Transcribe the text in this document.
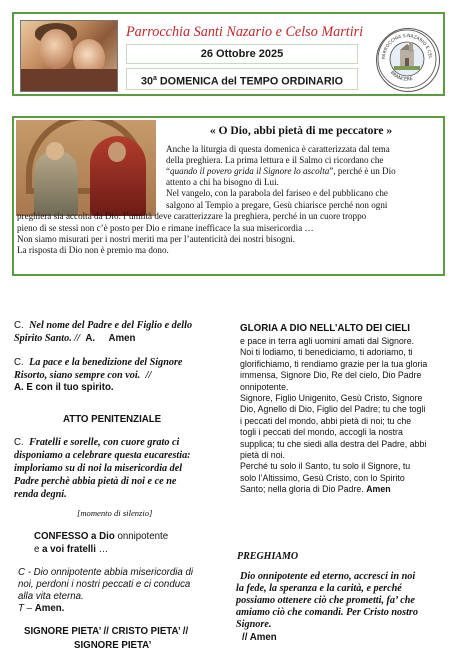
Parrocchia Santi Nazario e Celso Martiri
26 Ottobre 2025
30$^a$ DOMENICA del TEMPO ORDINARIO
PARROCCHIA S.NAZARIO E CEL
BRANCERE
« O Dio, abbi pietà di me peccatore »
Anche la liturgia di questa domenica è caratterizzata dal tema
della preghiera. La prima lettura e il Salmo ci ricordano che
“quando il povero grida il Signore lo ascolta”, perché è un Dio
attento a chi ha bisogno di Lui.
Nel vangelo, con la parabola del fariseo e del pubblicano che
salgono al Tempio a pregare, Gesù chiarisce perché non ogni
preghiera sia accolta da Dio: l’umiltà deve caratterizzare la preghiera, perché in un cuore troppo
pieno di se stessi non c’è posto per Dio e rimane inefficace la sua misericordia …
Non siamo misurati per i nostri meriti ma per l’autenticità dei nostri bisogni.
La risposta di Dio non è premio ma dono.
C. Nel nome del Padre e del Figlio e dello
Spirito Santo. // A. Amen
C. La pace e la benedizione del Signore
Risorto, siano sempre con voi. //
A. E con il tuo spirito.
ATTO PENITENZIALE
C. Fratelli e sorelle, con cuore grato ci
disponiamo a celebrare questa eucarestia:
imploriamo su di noi la misericordia del
Padre perchè abbia pietà di noi e ce ne
renda degni.
[momento di silenzio]
CONFESSO a Dio onnipotente
e a voi fratelli …
C - Dio onnipotente abbia misericordia di
noi, perdoni i nostri peccati e ci conduca
alla vita eterna.
T – Amen.
SIGNORE PIETA’ // CRISTO PIETA’ //
SIGNORE PIETA’
GLORIA A DIO NELL’ALTO DEI CIELI
e pace in terra agli uomini amati dal Signore.
Noi ti lodiamo, ti benediciamo, ti adoriamo, ti
glorifichiamo, ti rendiamo grazie per la tua gloria
immensa, Signore Dio, Re del cielo, Dio Padre
onnipotente.
Signore, Figlio Unigenito, Gesù Cristo, Signore
Dio, Agnello di Dio, Figlio del Padre; tu che togli
i peccati del mondo, abbi pietà di noi; tu che
togli i peccati del mondo, accogli la nostra
supplica; tu che siedi alla destra del Padre, abbi
pietà di noi.
Perché tu solo il Santo, tu solo il Signore, tu
solo l’Altissimo, Gesù Cristo, con lo Spirito
Santo; nella gloria di Dio Padre. Amen
PREGHIAMO
Dio onnipotente ed eterno, accresci in noi
la fede, la speranza e la carità, e perché
possiamo ottenere ciò che prometti, fa’ che
amiamo ciò che comandi. Per Cristo nostro
Signore.
// Amen
